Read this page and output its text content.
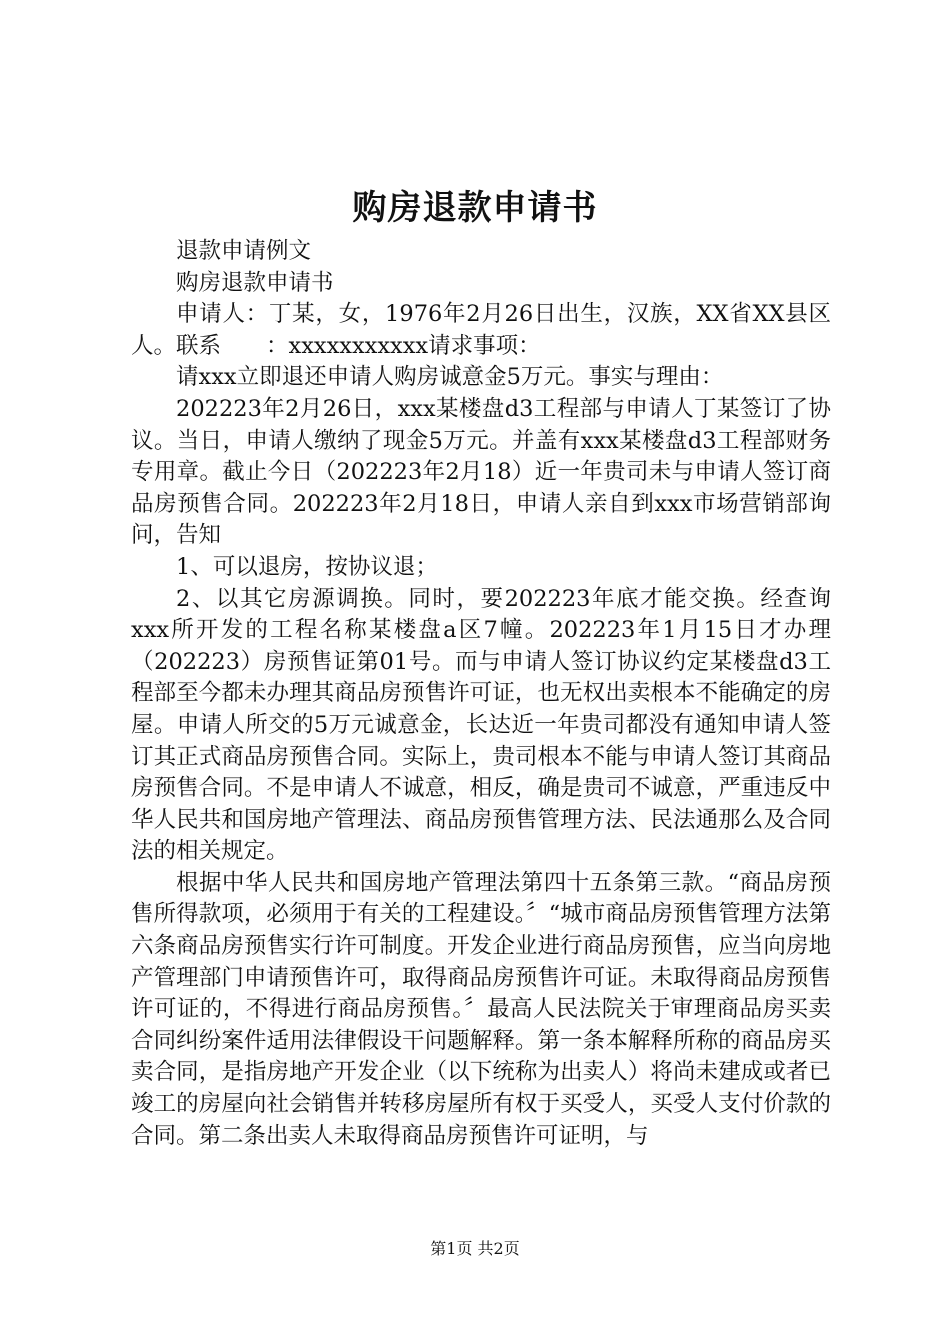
购房退款申请书

退款申请例文

购房退款申请书

申请人：丁某，女，1976年2月26日出生，汉族，XX省XX县区人。联系　　：xxxxxxxxxxx请求事项：

请xxx立即退还申请人购房诚意金5万元。事实与理由：

202223年2月26日，xxx某楼盘d3工程部与申请人丁某签订了协议。当日，申请人缴纳了现金5万元。并盖有xxx某楼盘d3工程部财务专用章。截止今日（202223年2月18）近一年贵司未与申请人签订商品房预售合同。202223年2月18日，申请人亲自到xxx市场营销部询问，告知

1、可以退房，按协议退；

2、以其它房源调换。同时，要202223年底才能交换。经查询xxx所开发的工程名称某楼盘a区7幢。202223年1月15日才办理（202223）房预售证第01号。而与申请人签订协议约定某楼盘d3工程部至今都未办理其商品房预售许可证，也无权出卖根本不能确定的房屋。申请人所交的5万元诚意金，长达近一年贵司都没有通知申请人签订其正式商品房预售合同。实际上，贵司根本不能与申请人签订其商品房预售合同。不是申请人不诚意，相反，确是贵司不诚意，严重违反中华人民共和国房地产管理法、商品房预售管理方法、民法通那么及合同法的相关规定。

根据中华人民共和国房地产管理法第四十五条第三款。“商品房预售所得款项，必须用于有关的工程建设。〞“城市商品房预售管理方法第六条商品房预售实行许可制度。开发企业进行商品房预售，应当向房地产管理部门申请预售许可，取得商品房预售许可证。未取得商品房预售许可证的，不得进行商品房预售。〞最高人民法院关于审理商品房买卖合同纠纷案件适用法律假设干问题解释。第一条本解释所称的商品房买卖合同，是指房地产开发企业（以下统称为出卖人）将尚未建成或者已竣工的房屋向社会销售并转移房屋所有权于买受人，买受人支付价款的合同。第二条出卖人未取得商品房预售许可证明，与

第1页 共2页
